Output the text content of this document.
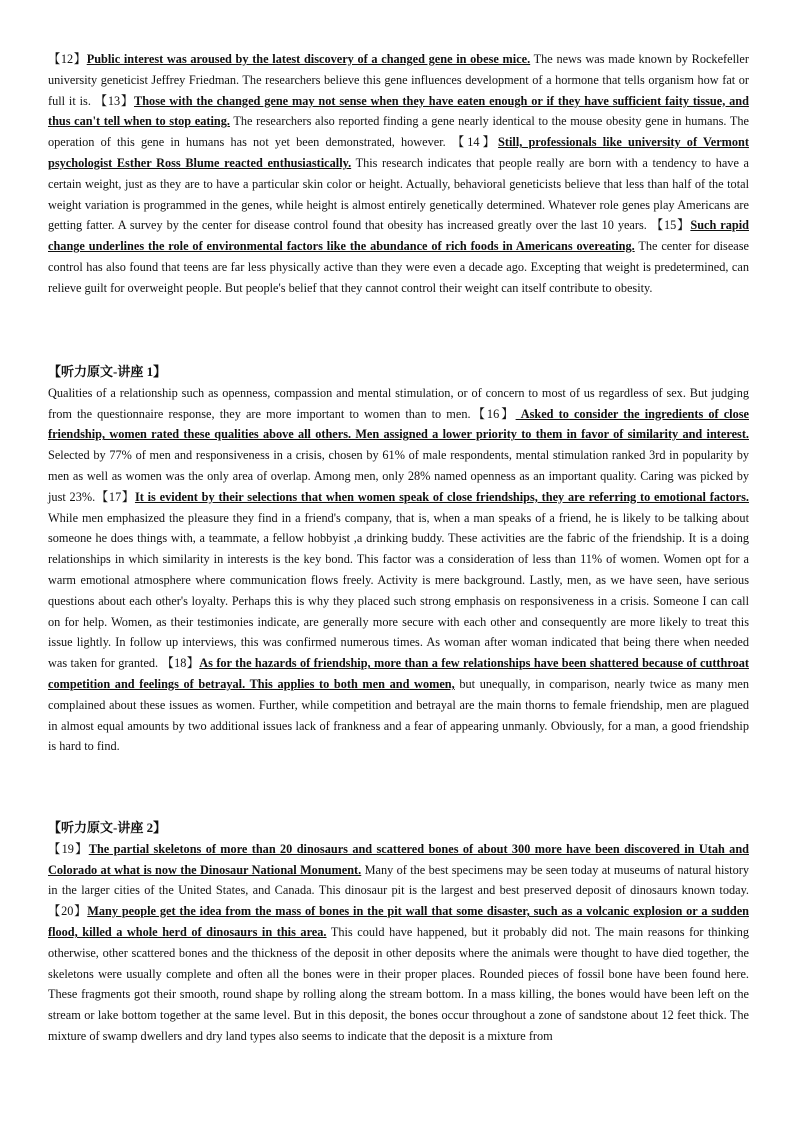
【12】Public interest was aroused by the latest discovery of a changed gene in obese mice. The news was made known by Rockefeller university geneticist Jeffrey Friedman. The researchers believe this gene influences development of a hormone that tells organism how fat or full it is. 【13】Those with the changed gene may not sense when they have eaten enough or if they have sufficient faity tissue, and thus can't tell when to stop eating. The researchers also reported finding a gene nearly identical to the mouse obesity gene in humans. The operation of this gene in humans has not yet been demonstrated, however. 【14】Still, professionals like university of Vermont psychologist Esther Ross Blume reacted enthusiastically. This research indicates that people really are born with a tendency to have a certain weight, just as they are to have a particular skin color or height. Actually, behavioral geneticists believe that less than half of the total weight variation is programmed in the genes, while height is almost entirely genetically determined. Whatever role genes play Americans are getting fatter. A survey by the center for disease control found that obesity has increased greatly over the last 10 years. 【15】Such rapid change underlines the role of environmental factors like the abundance of rich foods in Americans overeating. The center for disease control has also found that teens are far less physically active than they were even a decade ago. Excepting that weight is predetermined, can relieve guilt for overweight people. But people's belief that they cannot control their weight can itself contribute to obesity.

【听力原文-讲座 1】

Qualities of a relationship such as openness, compassion and mental stimulation, or of concern to most of us regardless of sex. But judging from the questionnaire response, they are more important to women than to men.【16】 Asked to consider the ingredients of close friendship, women rated these qualities above all others. Men assigned a lower priority to them in favor of similarity and interest. Selected by 77% of men and responsiveness in a crisis, chosen by 61% of male respondents, mental stimulation ranked 3rd in popularity by men as well as women was the only area of overlap. Among men, only 28% named openness as an important quality. Caring was picked by just 23%.【17】It is evident by their selections that when women speak of close friendships, they are referring to emotional factors. While men emphasized the pleasure they find in a friend's company, that is, when a man speaks of a friend, he is likely to be talking about someone he does things with, a teammate, a fellow hobbyist ,a drinking buddy. These activities are the fabric of the friendship. It is a doing relationships in which similarity in interests is the key bond. This factor was a consideration of less than 11% of women. Women opt for a warm emotional atmosphere where communication flows freely. Activity is mere background. Lastly, men, as we have seen, have serious questions about each other's loyalty. Perhaps this is why they placed such strong emphasis on responsiveness in a crisis. Someone I can call on for help. Women, as their testimonies indicate, are generally more secure with each other and consequently are more likely to treat this issue lightly. In follow up interviews, this was confirmed numerous times. As woman after woman indicated that being there when needed was taken for granted. 【18】As for the hazards of friendship, more than a few relationships have been shattered because of cutthroat competition and feelings of betrayal. This applies to both men and women, but unequally, in comparison, nearly twice as many men complained about these issues as women. Further, while competition and betrayal are the main thorns to female friendship, men are plagued in almost equal amounts by two additional issues lack of frankness and a fear of appearing unmanly. Obviously, for a man, a good friendship is hard to find.

【听力原文-讲座 2】

【19】The partial skeletons of more than 20 dinosaurs and scattered bones of about 300 more have been discovered in Utah and Colorado at what is now the Dinosaur National Monument. Many of the best specimens may be seen today at museums of natural history in the larger cities of the United States, and Canada. This dinosaur pit is the largest and best preserved deposit of dinosaurs known today. 【20】Many people get the idea from the mass of bones in the pit wall that some disaster, such as a volcanic explosion or a sudden flood, killed a whole herd of dinosaurs in this area. This could have happened, but it probably did not. The main reasons for thinking otherwise, other scattered bones and the thickness of the deposit in other deposits where the animals were thought to have died together, the skeletons were usually complete and often all the bones were in their proper places. Rounded pieces of fossil bone have been found here. These fragments got their smooth, round shape by rolling along the stream bottom. In a mass killing, the bones would have been left on the stream or lake bottom together at the same level. But in this deposit, the bones occur throughout a zone of sandstone about 12 feet thick. The mixture of swamp dwellers and dry land types also seems to indicate that the deposit is a mixture from
